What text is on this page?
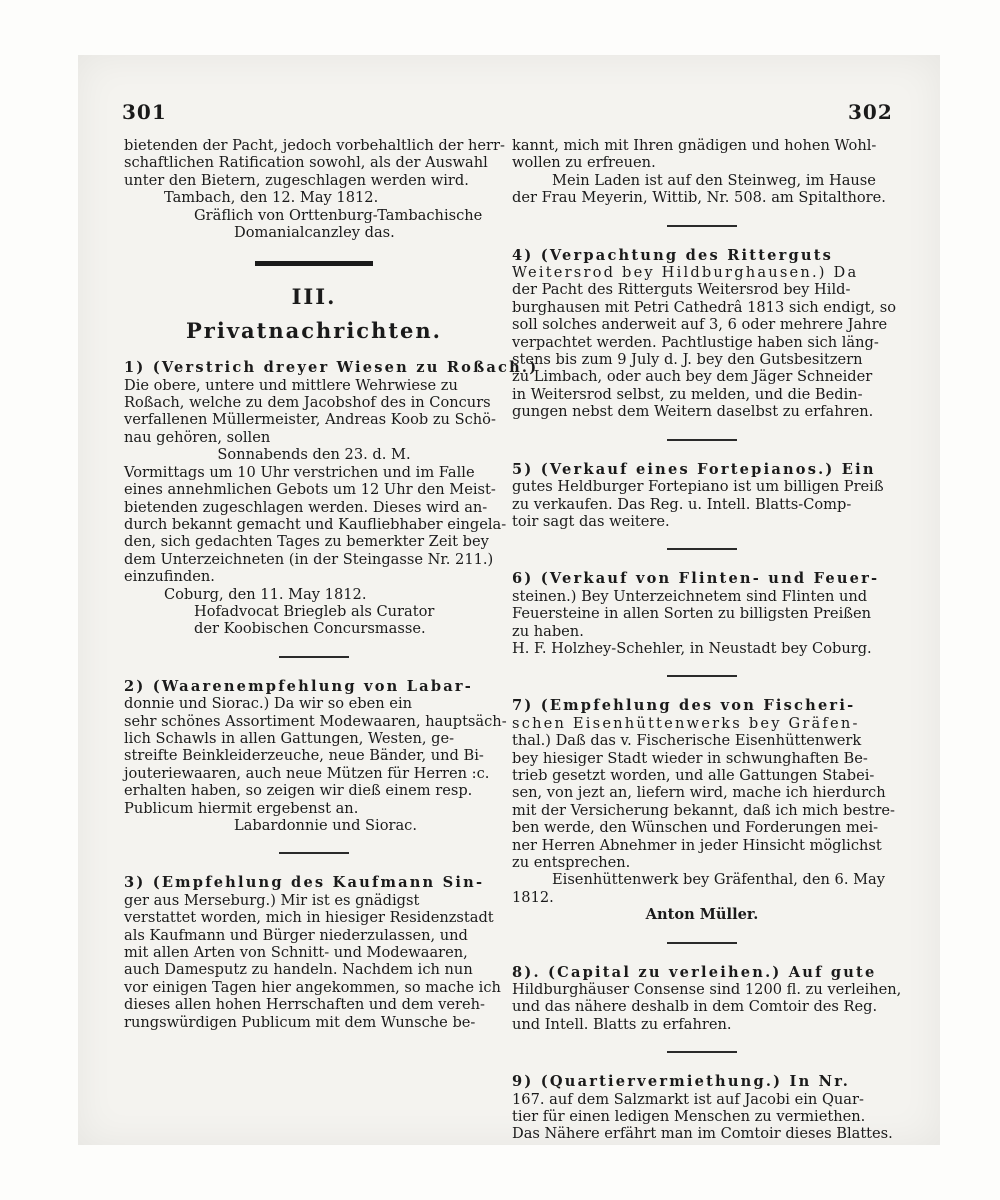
301	302

bietenden der Pacht, jedoch vorbehaltlich der herr-

schaftlichen Ratification sowohl, als der Auswahl

unter den Bietern, zugeschlagen werden wird.

Tambach, den 12. May 1812.

Gräflich von Orttenburg-Tambachische

Domanialcanzley das.

III.
Privatnachrichten.

1) (Verstrich dreyer Wiesen zu Roßach.)

Die obere, untere und mittlere Wehrwiese zu

Roßach, welche zu dem Jacobshof des in Concurs

verfallenen Müllermeister, Andreas Koob zu Schö-

nau gehören, sollen

Sonnabends den 23. d. M.

Vormittags um 10 Uhr verstrichen und im Falle

eines annehmlichen Gebots um 12 Uhr den Meist-

bietenden zugeschlagen werden. Dieses wird an-

durch bekannt gemacht und Kaufliebhaber eingela-

den, sich gedachten Tages zu bemerkter Zeit bey

dem Unterzeichneten (in der Steingasse Nr. 211.)

einzufinden.

Coburg, den 11. May 1812.

Hofadvocat Briegleb als Curator

der Koobischen Concursmasse.

2) (Waarenempfehlung von Labar-

donnie und Siorac.) Da wir so eben ein

sehr schönes Assortiment Modewaaren, hauptsäch-

lich Schawls in allen Gattungen, Westen, ge-

streifte Beinkleiderzeuche, neue Bänder, und Bi-

jouteriewaaren, auch neue Mützen für Herren :c.

erhalten haben, so zeigen wir dieß einem resp.

Publicum hiermit ergebenst an.

Labardonnie und Siorac.

3) (Empfehlung des Kaufmann Sin-

ger aus Merseburg.) Mir ist es gnädigst

verstattet worden, mich in hiesiger Residenzstadt

als Kaufmann und Bürger niederzulassen, und

mit allen Arten von Schnitt- und Modewaaren,

auch Damesputz zu handeln. Nachdem ich nun

vor einigen Tagen hier angekommen, so mache ich

dieses allen hohen Herrschaften und dem vereh-

rungswürdigen Publicum mit dem Wunsche be-

kannt, mich mit Ihren gnädigen und hohen Wohl-

wollen zu erfreuen.

Mein Laden ist auf den Steinweg, im Hause

der Frau Meyerin, Wittib, Nr. 508. am Spitalthore.

4) (Verpachtung des Ritterguts

Weitersrod bey Hildburghausen.) Da

der Pacht des Ritterguts Weitersrod bey Hild-

burghausen mit Petri Cathedrâ 1813 sich endigt, so

soll solches anderweit auf 3, 6 oder mehrere Jahre

verpachtet werden. Pachtlustige haben sich läng-

stens bis zum 9 July d. J. bey den Gutsbesitzern

zu Limbach, oder auch bey dem Jäger Schneider

in Weitersrod selbst, zu melden, und die Bedin-

gungen nebst dem Weitern daselbst zu erfahren.

5) (Verkauf eines Fortepianos.) Ein

gutes Heldburger Fortepiano ist um billigen Preiß

zu verkaufen. Das Reg. u. Intell. Blatts-Comp-

toir sagt das weitere.

6) (Verkauf von Flinten- und Feuer-

steinen.) Bey Unterzeichnetem sind Flinten und

Feuersteine in allen Sorten zu billigsten Preißen

zu haben.

H. F. Holzhey-Schehler, in Neustadt bey Coburg.

7) (Empfehlung des von Fischeri-

schen Eisenhüttenwerks bey Gräfen-

thal.) Daß das v. Fischerische Eisenhüttenwerk

bey hiesiger Stadt wieder in schwunghaften Be-

trieb gesetzt worden, und alle Gattungen Stabei-

sen, von jezt an, liefern wird, mache ich hierdurch

mit der Versicherung bekannt, daß ich mich bestre-

ben werde, den Wünschen und Forderungen mei-

ner Herren Abnehmer in jeder Hinsicht möglichst

zu entsprechen.

Eisenhüttenwerk bey Gräfenthal, den 6. May

1812.

Anton Müller.

8). (Capital zu verleihen.) Auf gute

Hildburghäuser Consense sind 1200 fl. zu verleihen,

und das nähere deshalb in dem Comtoir des Reg.

und Intell. Blatts zu erfahren.

9) (Quartiervermiethung.) In Nr.

167. auf dem Salzmarkt ist auf Jacobi ein Quar-

tier für einen ledigen Menschen zu vermiethen.

Das Nähere erfährt man im Comtoir dieses Blattes.
